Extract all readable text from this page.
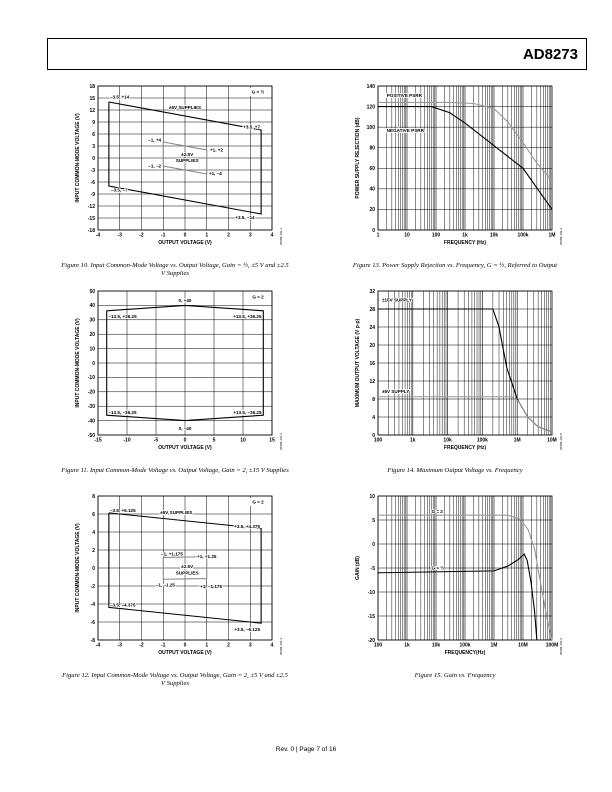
AD8273
-4	-3	-2	-1	0	1	2	3	4
18
15
12
9
6
3
0
-3
-6
-9
-12
-15
-18
OUTPUT VOLTAGE (V)
INPUT COMMON-MODE VOLTAGE (V)
06688-103-1
G = ½
–3.5, +14
+3.5, +7
–3.5, –7
+3.5, –14
–1, +4
+1, +2
–1, –2
+1, –4
±5V SUPPLIES
±2.5V
SUPPLIES
Figure 10. Input Common-Mode Voltage vs. Output Voltage, Gain = ½, ±5 V and ±2.5 V Supplies
-15	-10	-5	0	5	10	15
50
40
30
20
10
0
-10
-20
-30
-40
-50
OUTPUT VOLTAGE (V)
INPUT COMMON-MODE VOLTAGE (V)
06688-103-2
G = 2
0, +40
–13.5, +36.25	+13.5, +36.25
–13.5, –36.25	+13.5, –36.25
0, –40
Figure 11. Input Common-Mode Voltage vs. Output Voltage, Gain = 2, ±15 V Supplies
-4	-3	-2	-1	0	1	2	3	4
8
6
4
2
0
-2
-4
-6
-8
OUTPUT VOLTAGE (V)
INPUT COMMON-MODE VOLTAGE (V)
06688-103-3
G = 2
–3.5, +6.125
+3.5, +4.375
–3.5, –4.375
+3.5, –6.125
–1, +1.175	+1, +1.25
–1, –1.25	+1, –1.175
±5V SUPPLIES
±2.5V
SUPPLIES
Figure 12. Input Common-Mode Voltage vs. Output Voltage, Gain = 2, ±5 V and ±2.5 V Supplies
1	10	100	1k	10k	100k	1M
140
120
100
80
60
40
20
0
FREQUENCY (Hz)
POWER SUPPLY REJECTION (dB)
06688-103-4
POSITIVE PSRR
NEGATIVE PSRR
Figure 13. Power Supply Rejection vs. Frequency, G = ½, Referred to Output
100	1k	10k	100k	1M	10M
32
28
24
20
16
12
8
4
0
FREQUENCY (Hz)
MAXIMUM OUTPUT VOLTAGE (V p-p)
06688-103-5
±15V SUPPLY
±5V SUPPLY
Figure 14. Maximum Output Voltage vs. Frequency
100	1k	10k	100k	1M	10M	100M
10
5
0
-5
-10
-15
-20
FREQUENCY(Hz)
GAIN (dB)
06688-103-6
G = 2
G = ½
Figure 15. Gain vs. Frequency
Rev. 0 | Page 7 of 16
